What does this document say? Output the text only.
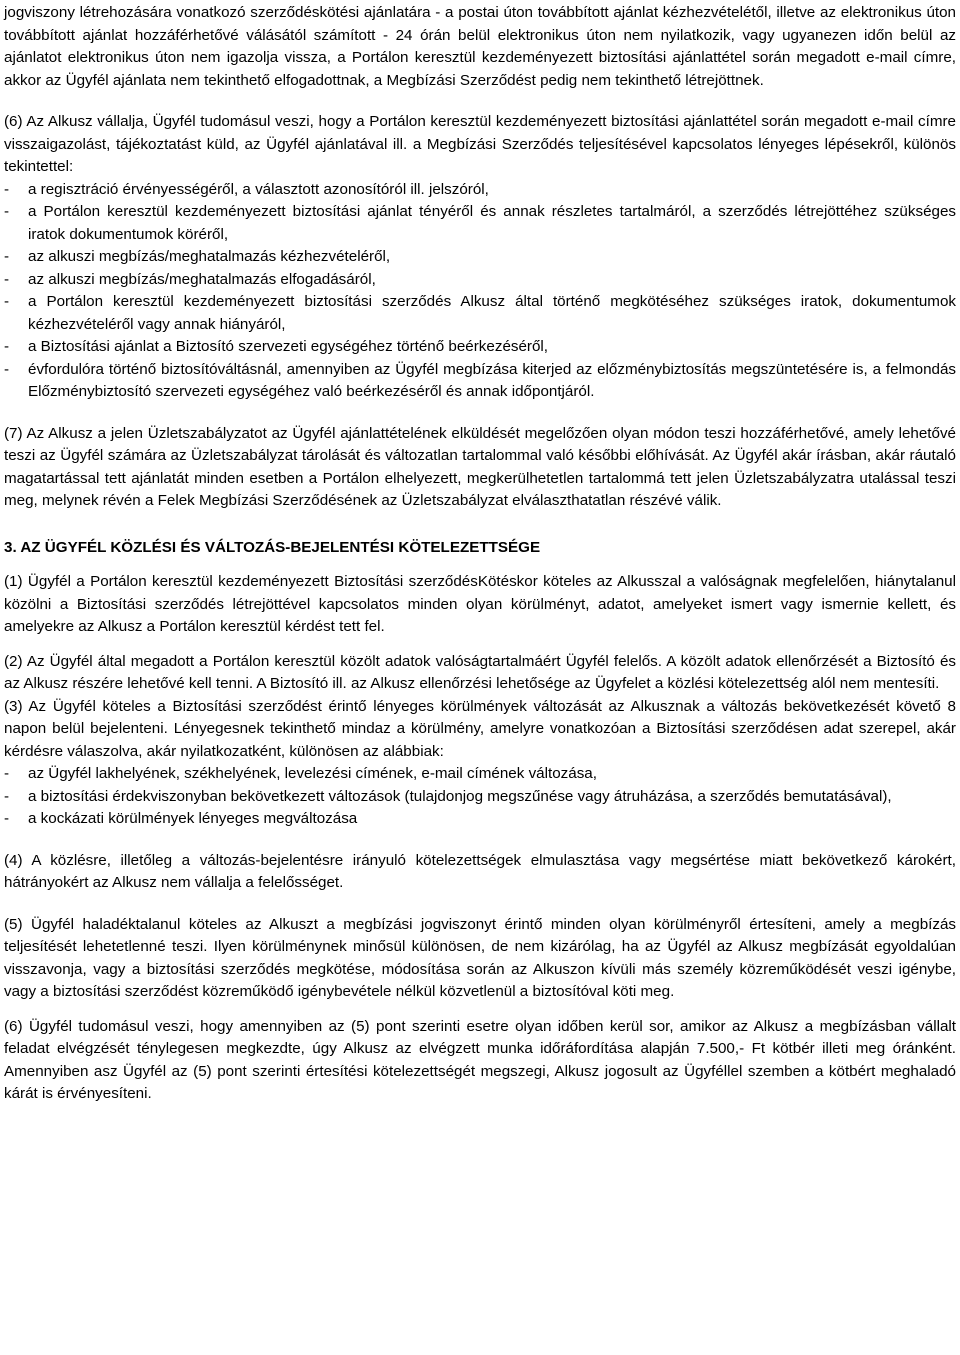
jogviszony létrehozására vonatkozó szerződéskötési ajánlatára - a postai úton továbbított ajánlat kézhezvételétől, illetve az elektronikus úton továbbított ajánlat hozzáférhetővé válásától számított - 24 órán belül elektronikus úton nem nyilatkozik, vagy ugyanezen időn belül az ajánlatot elektronikus úton nem igazolja vissza, a Portálon keresztül kezdeményezett biztosítási ajánlattétel során megadott e-mail címre, akkor az Ügyfél ajánlata nem tekinthető elfogadottnak, a Megbízási Szerződést pedig nem tekinthető létrejöttnek.

(6) Az Alkusz vállalja, Ügyfél tudomásul veszi, hogy a Portálon keresztül kezdeményezett biztosítási ajánlattétel során megadott e-mail címre visszaigazolást, tájékoztatást küld, az Ügyfél ajánlatával ill. a Megbízási Szerződés teljesítésével kapcsolatos lényeges lépésekről, különös tekintettel:

- a regisztráció érvényességéről, a választott azonosítóról ill. jelszóról,
- a Portálon keresztül kezdeményezett biztosítási ajánlat tényéről és annak részletes tartalmáról, a szerződés létrejöttéhez szükséges iratok dokumentumok köréről,
- az alkuszi megbízás/meghatalmazás kézhezvételéről,
- az alkuszi megbízás/meghatalmazás elfogadásáról,
- a Portálon keresztül kezdeményezett biztosítási szerződés Alkusz által történő megkötéséhez szükséges iratok, dokumentumok kézhezvételéről vagy annak hiányáról,
- a Biztosítási ajánlat a Biztosító szervezeti egységéhez történő beérkezéséről,
- évfordulóra történő biztosítóváltásnál, amennyiben az Ügyfél megbízása kiterjed az előzménybiztosítás megszüntetésére is, a felmondás Előzménybiztosító szervezeti egységéhez való beérkezéséről és annak időpontjáról.

(7) Az Alkusz a jelen Üzletszabályzatot az Ügyfél ajánlattételének elküldését megelőzően olyan módon teszi hozzáférhetővé, amely lehetővé teszi az Ügyfél számára az Üzletszabályzat tárolását és változatlan tartalommal való későbbi előhívását. Az Ügyfél akár írásban, akár ráutaló magatartással tett ajánlatát minden esetben a Portálon elhelyezett, megkerülhetetlen tartalommá tett jelen Üzletszabályzatra utalással teszi meg, melynek révén a Felek Megbízási Szerződésének az Üzletszabályzat elválaszthatatlan részévé válik.

3. AZ ÜGYFÉL KÖZLÉSI ÉS VÁLTOZÁS-BEJELENTÉSI KÖTELEZETTSÉGE

(1) Ügyfél a Portálon keresztül kezdeményezett Biztosítási szerződésKötéskor köteles az Alkusszal a valóságnak megfelelően, hiánytalanul közölni a Biztosítási szerződés létrejöttével kapcsolatos minden olyan körülményt, adatot, amelyeket ismert vagy ismernie kellett, és amelyekre az Alkusz a Portálon keresztül kérdést tett fel.

(2) Az Ügyfél által megadott a Portálon keresztül közölt adatok valóságtartalmáért Ügyfél felelős. A közölt adatok ellenőrzését a Biztosító és az Alkusz részére lehetővé kell tenni. A Biztosító ill. az Alkusz ellenőrzési lehetősége az Ügyfelet a közlési kötelezettség alól nem mentesíti.

(3) Az Ügyfél köteles a Biztosítási szerződést érintő lényeges körülmények változását az Alkusznak a változás bekövetkezését követő 8 napon belül bejelenteni. Lényegesnek tekinthető mindaz a körülmény, amelyre vonatkozóan a Biztosítási szerződésen adat szerepel, akár kérdésre válaszolva, akár nyilatkozatként, különösen az alábbiak:

- az Ügyfél lakhelyének, székhelyének, levelezési címének, e-mail címének változása,
- a biztosítási érdekviszonyban bekövetkezett változások (tulajdonjog megszűnése vagy átruházása, a szerződés bemutatásával),
- a kockázati körülmények lényeges megváltozása

(4) A közlésre, illetőleg a változás-bejelentésre irányuló kötelezettségek elmulasztása vagy megsértése miatt bekövetkező károkért, hátrányokért az Alkusz nem vállalja a felelősséget.

(5) Ügyfél haladéktalanul köteles az Alkuszt a megbízási jogviszonyt érintő minden olyan körülményről értesíteni, amely a megbízás teljesítését lehetetlenné teszi. Ilyen körülménynek minősül különösen, de nem kizárólag, ha az Ügyfél az Alkusz megbízását egyoldalúan visszavonja, vagy a biztosítási szerződés megkötése, módosítása során az Alkuszon kívüli más személy közreműködését veszi igénybe, vagy a biztosítási szerződést közreműködő igénybevétele nélkül közvetlenül a biztosítóval köti meg.

(6) Ügyfél tudomásul veszi, hogy amennyiben az (5) pont szerinti esetre olyan időben kerül sor, amikor az Alkusz a megbízásban vállalt feladat elvégzését ténylegesen megkezdte, úgy Alkusz az elvégzett munka időráfordítása alapján 7.500,- Ft kötbér illeti meg óránként. Amennyiben asz Ügyfél az (5) pont szerinti értesítési kötelezettségét megszegi, Alkusz jogosult az Ügyféllel szemben a kötbért meghaladó kárát is érvényesíteni.
